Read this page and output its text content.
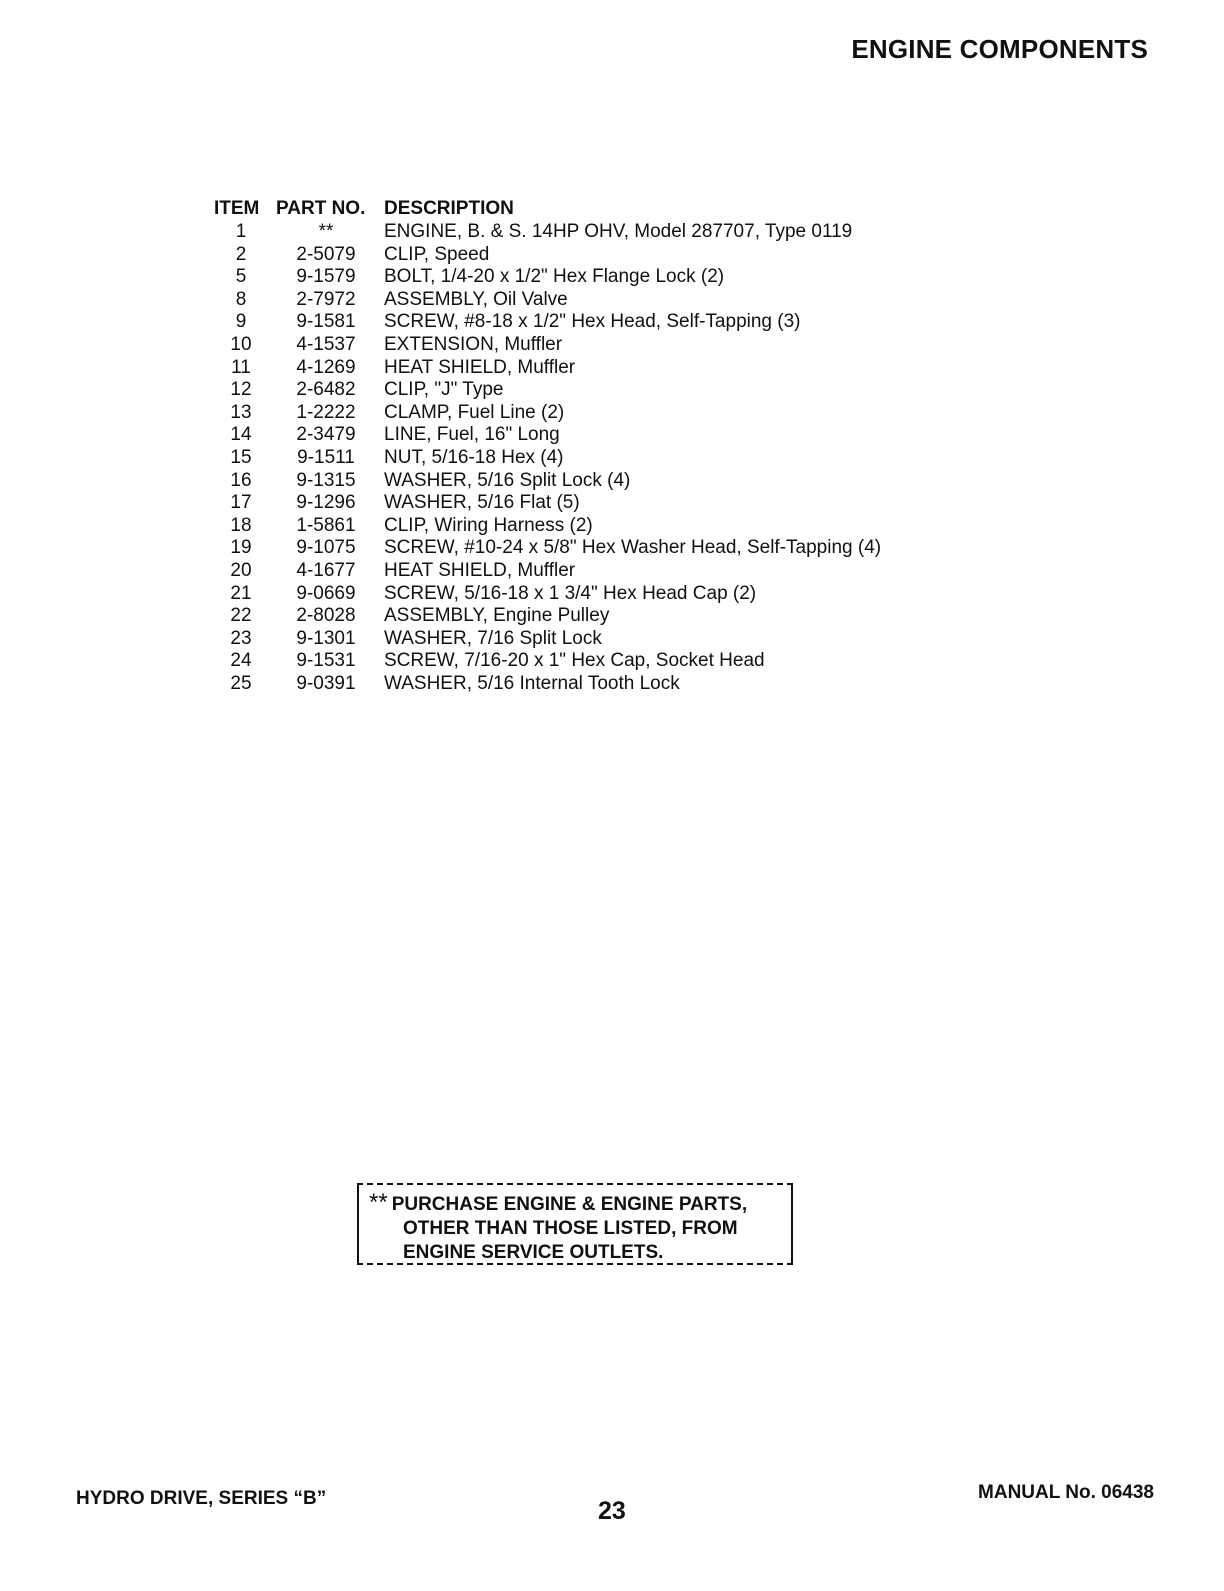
ENGINE COMPONENTS
ITEM PART NO. DESCRIPTION
1	**	ENGINE, B. & S. 14HP OHV, Model 287707, Type 0119
2	2-5079	CLIP, Speed
5	9-1579	BOLT, 1/4-20 x 1/2" Hex Flange Lock (2)
8	2-7972	ASSEMBLY, Oil Valve
9	9-1581	SCREW, #8-18 x 1/2" Hex Head, Self-Tapping (3)
10	4-1537	EXTENSION, Muffler
11	4-1269	HEAT SHIELD, Muffler
12	2-6482	CLIP, "J" Type
13	1-2222	CLAMP, Fuel Line (2)
14	2-3479	LINE, Fuel, 16" Long
15	9-1511	NUT, 5/16-18 Hex (4)
16	9-1315	WASHER, 5/16 Split Lock (4)
17	9-1296	WASHER, 5/16 Flat (5)
18	1-5861	CLIP, Wiring Harness (2)
19	9-1075	SCREW, #10-24 x 5/8" Hex Washer Head, Self-Tapping (4)
20	4-1677	HEAT SHIELD, Muffler
21	9-0669	SCREW, 5/16-18 x 1 3/4" Hex Head Cap (2)
22	2-8028	ASSEMBLY, Engine Pulley
23	9-1301	WASHER, 7/16 Split Lock
24	9-1531	SCREW, 7/16-20 x 1" Hex Cap, Socket Head
25	9-0391	WASHER, 5/16 Internal Tooth Lock
** PURCHASE ENGINE & ENGINE PARTS,
OTHER THAN THOSE LISTED, FROM
ENGINE SERVICE OUTLETS.
HYDRO DRIVE, SERIES “B”	23
MANUAL No. 06438
